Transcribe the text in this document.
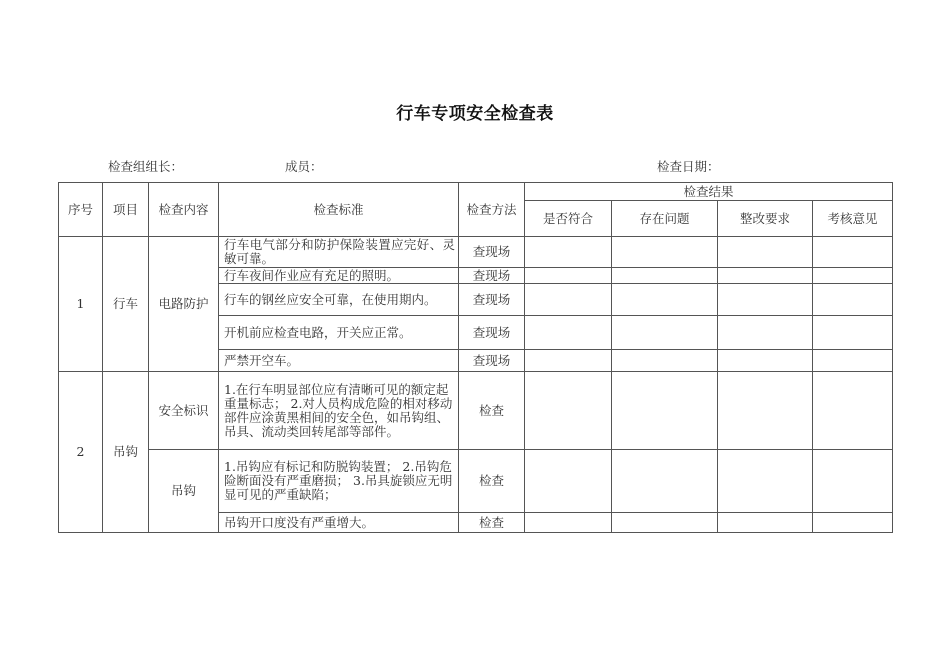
行车专项安全检查表
检查组组长：	成员：	检查日期：
序号	项目	检查内容	检查标准	检查方法	检查结果			
					是否符合	存在问题	整改要求	考核意见
1	行车	电路防护	行车电气部分和防护保险装置应完好、灵敏可靠。	查现场				
			行车夜间作业应有充足的照明。	查现场				
			行车的钢丝应安全可靠，在使用期内。	查现场				
			开机前应检查电路，开关应正常。	查现场				
			严禁开空车。	查现场				
2	吊钩	安全标识	1.在行车明显部位应有清晰可见的额定起重量标志； 2.对人员构成危险的相对移动部件应涂黄黑相间的安全色，如吊钩组、吊具、流动类回转尾部等部件。	检查				
		吊钩	1.吊钩应有标记和防脱钩装置； 2.吊钩危险断面没有严重磨损； 3.吊具旋锁应无明显可见的严重缺陷；	检查				
			吊钩开口度没有严重增大。	检查				
